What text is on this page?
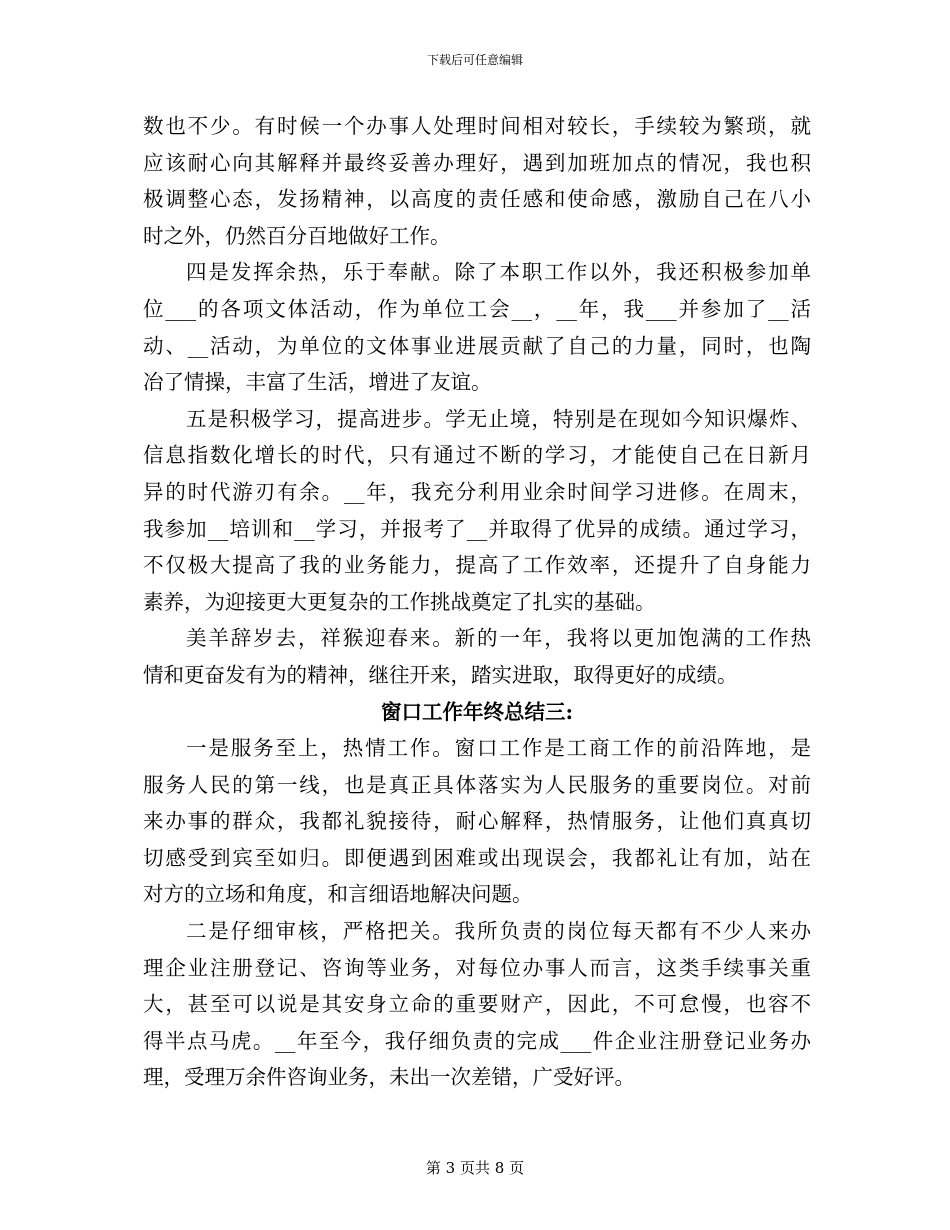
下载后可任意编辑
数也不少。有时候一个办事人处理时间相对较长，手续较为繁琐，就
应该耐心向其解释并最终妥善办理好，遇到加班加点的情况，我也积
极调整心态，发扬精神，以高度的责任感和使命感，激励自己在八小
时之外，仍然百分百地做好工作。
四是发挥余热，乐于奉献。除了本职工作以外，我还积极参加单
位___的各项文体活动，作为单位工会__，__年，我___并参加了__活
动、__活动，为单位的文体事业进展贡献了自己的力量，同时，也陶
冶了情操，丰富了生活，增进了友谊。
五是积极学习，提高进步。学无止境，特别是在现如今知识爆炸、
信息指数化增长的时代，只有通过不断的学习，才能使自己在日新月
异的时代游刃有余。__年，我充分利用业余时间学习进修。在周末，
我参加__培训和__学习，并报考了__并取得了优异的成绩。通过学习，
不仅极大提高了我的业务能力，提高了工作效率，还提升了自身能力
素养，为迎接更大更复杂的工作挑战奠定了扎实的基础。
美羊辞岁去，祥猴迎春来。新的一年，我将以更加饱满的工作热
情和更奋发有为的精神，继往开来，踏实进取，取得更好的成绩。
窗口工作年终总结三:
一是服务至上，热情工作。窗口工作是工商工作的前沿阵地，是
服务人民的第一线，也是真正具体落实为人民服务的重要岗位。对前
来办事的群众，我都礼貌接待，耐心解释，热情服务，让他们真真切
切感受到宾至如归。即便遇到困难或出现误会，我都礼让有加，站在
对方的立场和角度，和言细语地解决问题。
二是仔细审核，严格把关。我所负责的岗位每天都有不少人来办
理企业注册登记、咨询等业务，对每位办事人而言，这类手续事关重
大，甚至可以说是其安身立命的重要财产，因此，不可怠慢，也容不
得半点马虎。__年至今，我仔细负责的完成___件企业注册登记业务办
理，受理万余件咨询业务，未出一次差错，广受好评。
第 3 页共 8 页
